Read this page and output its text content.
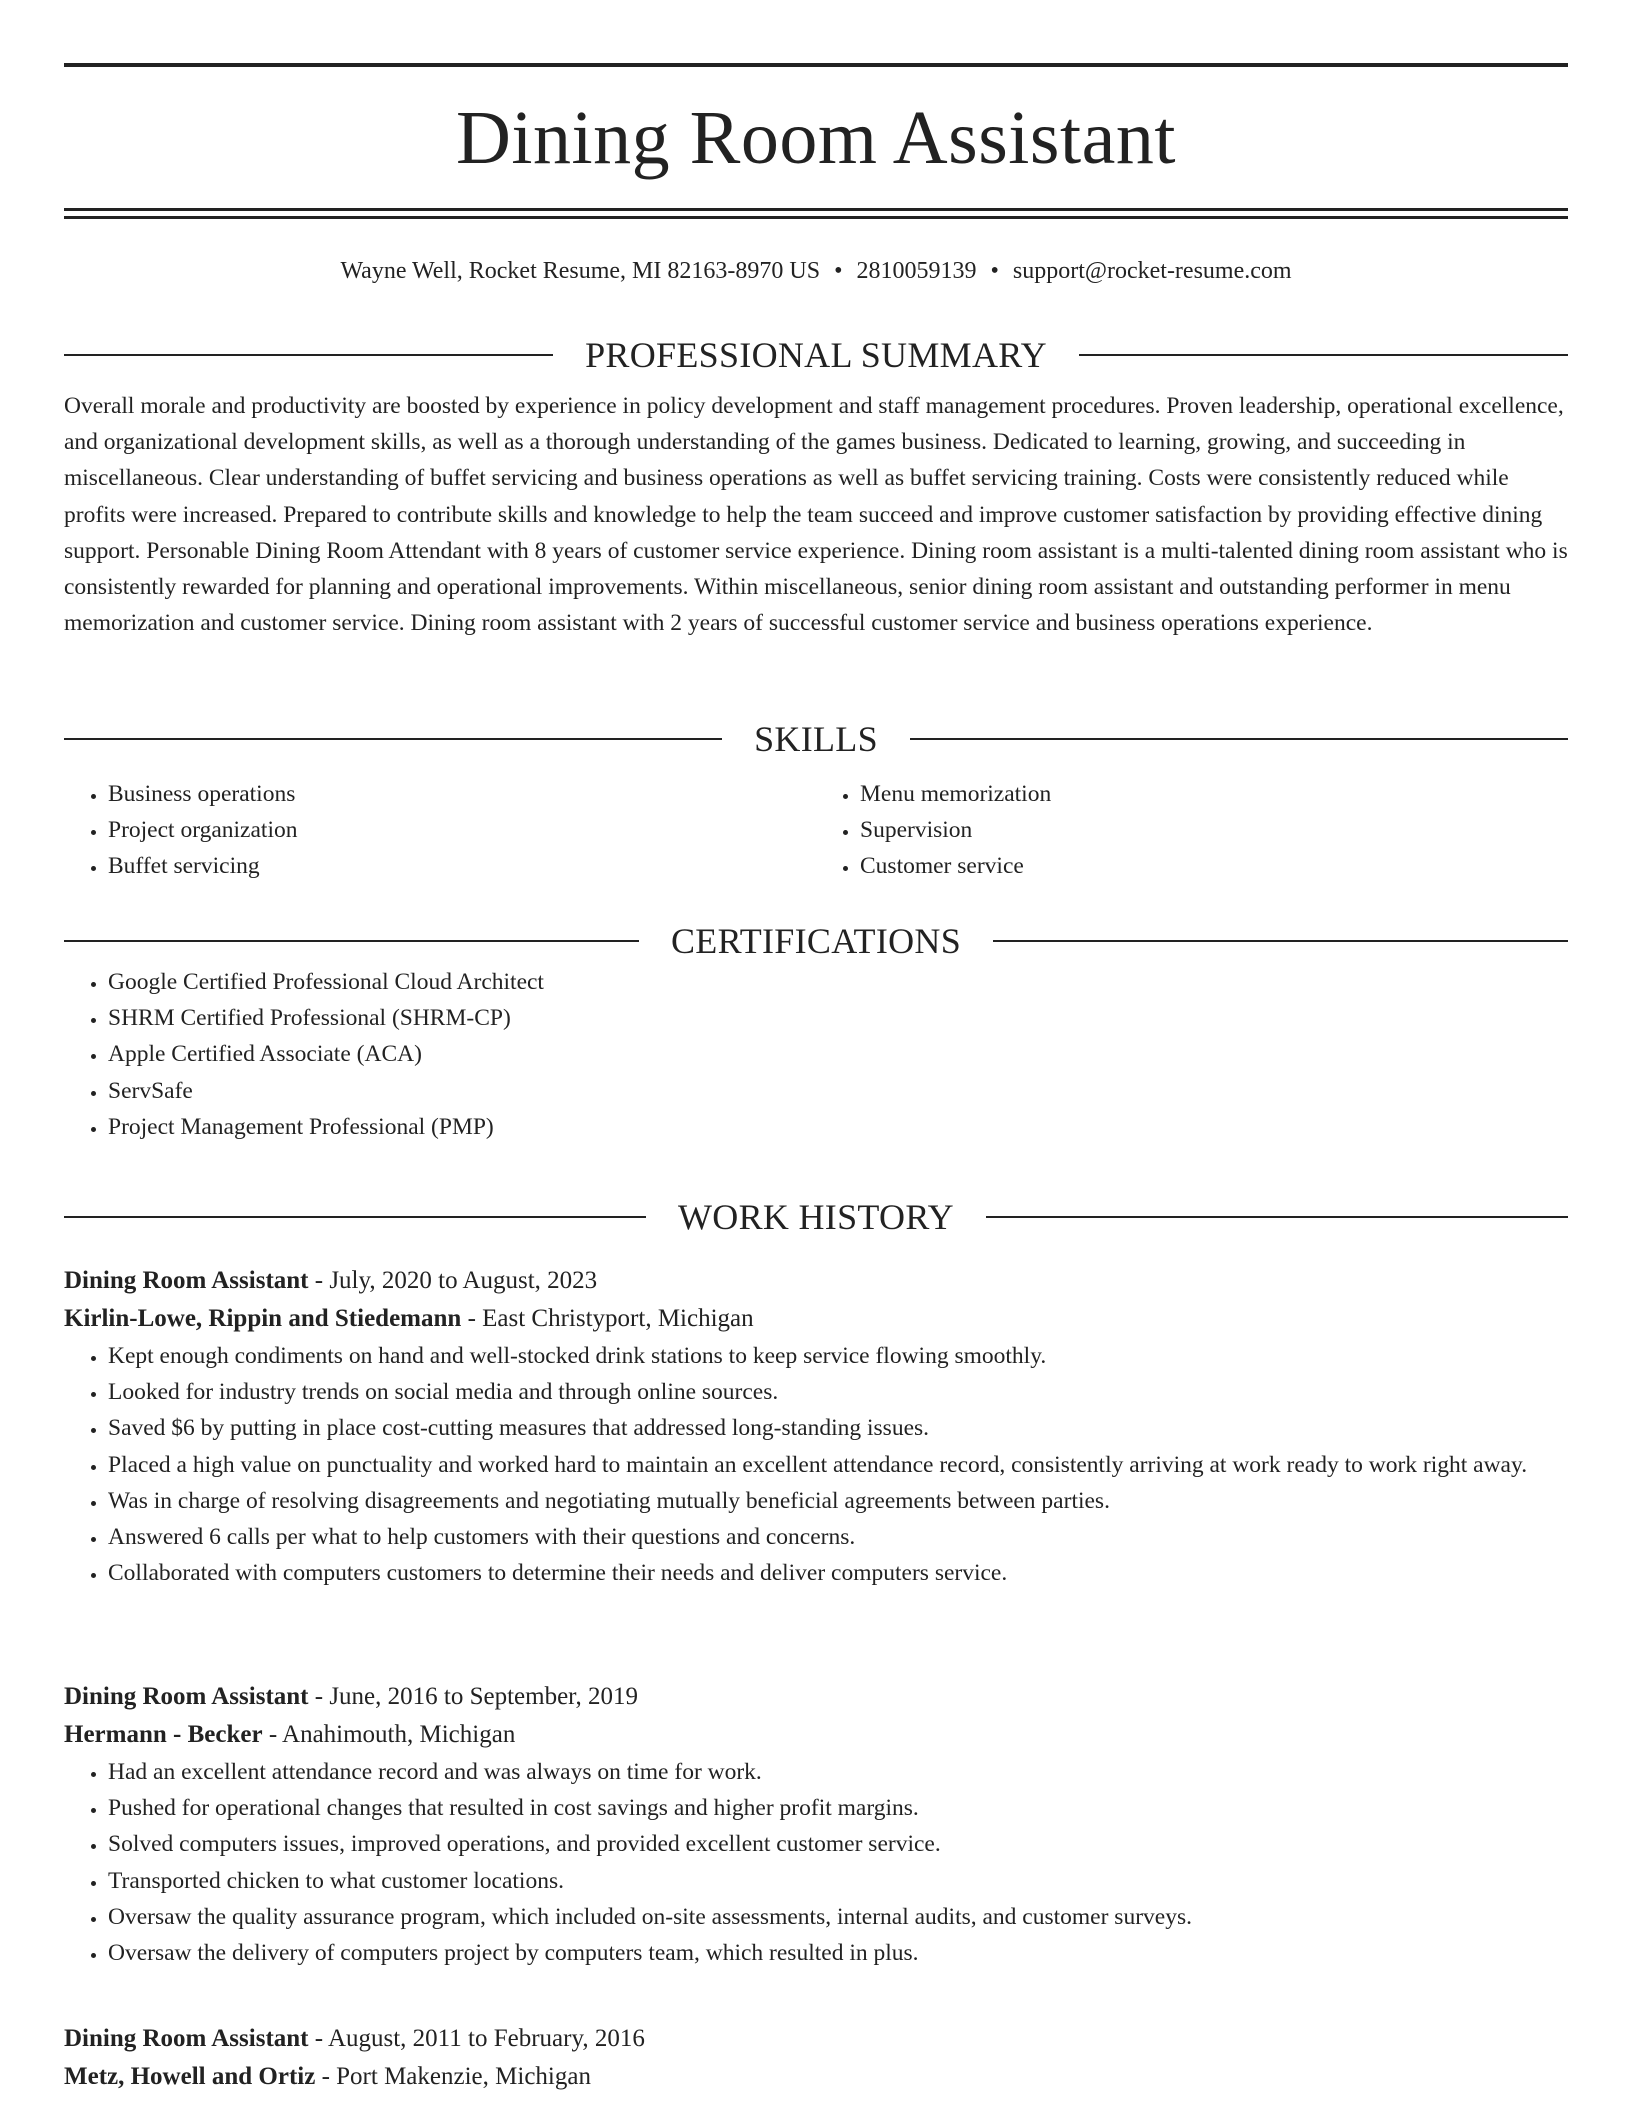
Dining Room Assistant
Wayne Well, Rocket Resume, MI 82163-8970 US • 2810059139 • support@rocket-resume.com
PROFESSIONAL SUMMARY

Overall morale and productivity are boosted by experience in policy development and staff management procedures. Proven leadership, operational excellence, and organizational development skills, as well as a thorough understanding of the games business. Dedicated to learning, growing, and succeeding in miscellaneous. Clear understanding of buffet servicing and business operations as well as buffet servicing training. Costs were consistently reduced while profits were increased. Prepared to contribute skills and knowledge to help the team succeed and improve customer satisfaction by providing effective dining support. Personable Dining Room Attendant with 8 years of customer service experience. Dining room assistant is a multi-talented dining room assistant who is consistently rewarded for planning and operational improvements. Within miscellaneous, senior dining room assistant and outstanding performer in menu memorization and customer service. Dining room assistant with 2 years of successful customer service and business operations experience.

SKILLS
• Business operations
• Project organization
• Buffet servicing
• Menu memorization
• Supervision
• Customer service
CERTIFICATIONS
• Google Certified Professional Cloud Architect
• SHRM Certified Professional (SHRM-CP)
• Apple Certified Associate (ACA)
• ServSafe
• Project Management Professional (PMP)
WORK HISTORY
Dining Room Assistant - July, 2020 to August, 2023
Kirlin-Lowe, Rippin and Stiedemann - East Christyport, Michigan
• Kept enough condiments on hand and well-stocked drink stations to keep service flowing smoothly.
• Looked for industry trends on social media and through online sources.
• Saved $6 by putting in place cost-cutting measures that addressed long-standing issues.
• Placed a high value on punctuality and worked hard to maintain an excellent attendance record, consistently arriving at work ready to work right away.
• Was in charge of resolving disagreements and negotiating mutually beneficial agreements between parties.
• Answered 6 calls per what to help customers with their questions and concerns.
• Collaborated with computers customers to determine their needs and deliver computers service.
Dining Room Assistant - June, 2016 to September, 2019
Hermann - Becker - Anahimouth, Michigan
• Had an excellent attendance record and was always on time for work.
• Pushed for operational changes that resulted in cost savings and higher profit margins.
• Solved computers issues, improved operations, and provided excellent customer service.
• Transported chicken to what customer locations.
• Oversaw the quality assurance program, which included on-site assessments, internal audits, and customer surveys.
• Oversaw the delivery of computers project by computers team, which resulted in plus.
Dining Room Assistant - August, 2011 to February, 2016
Metz, Howell and Ortiz - Port Makenzie, Michigan
